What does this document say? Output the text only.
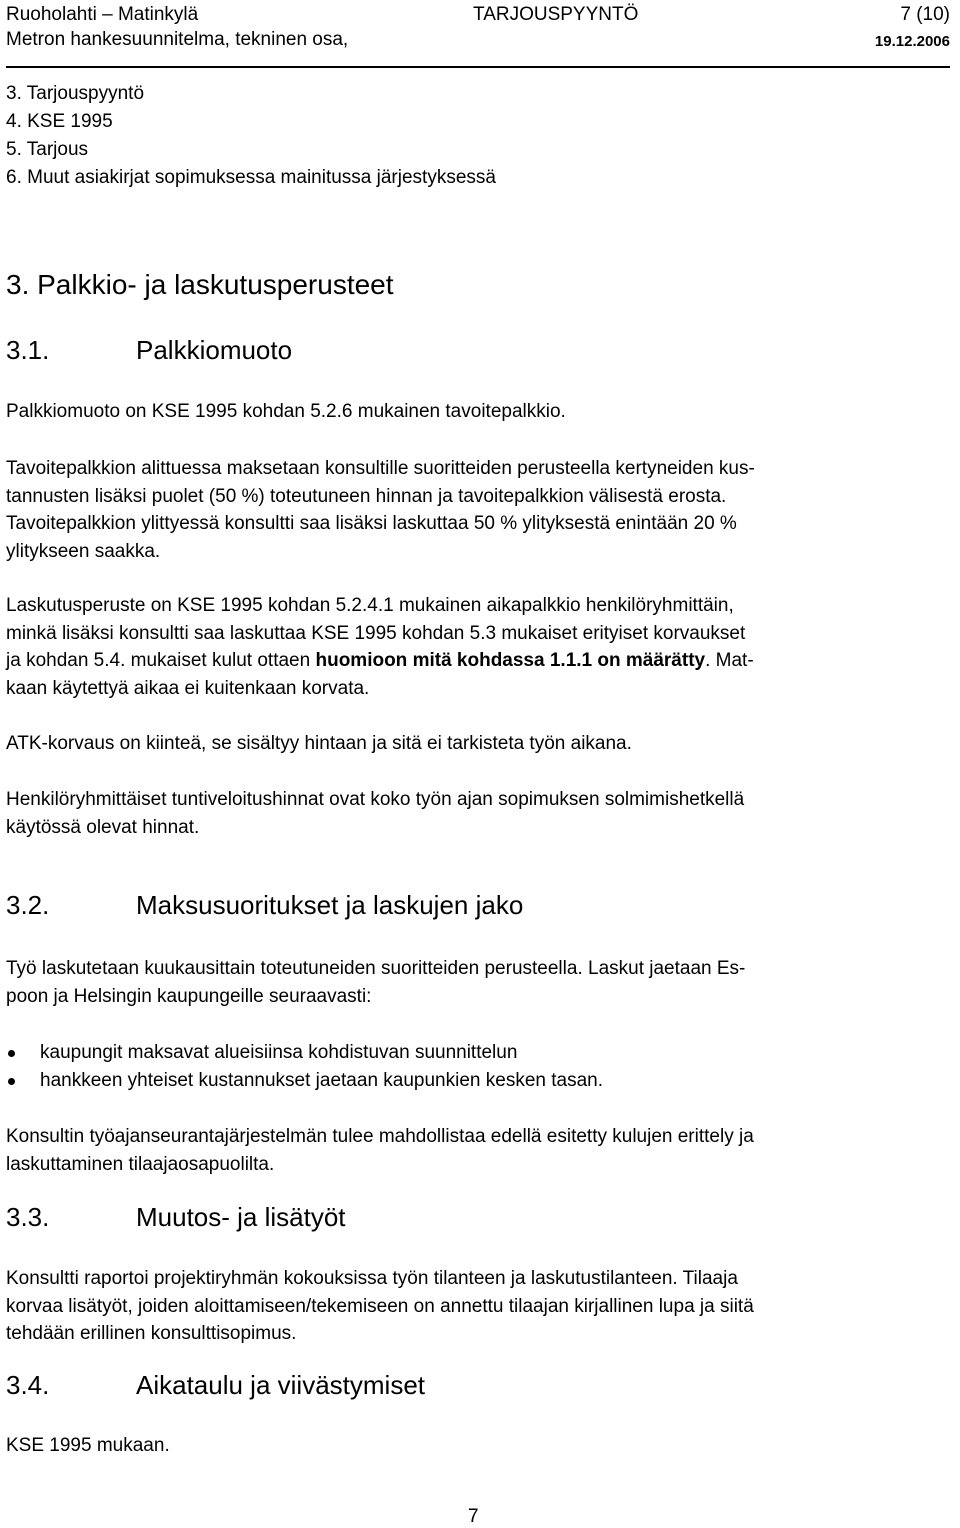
Ruoholahti – Matinkylä	TARJOUSPYYNTÖ	7 (10)
Metron hankesuunnitelma, tekninen osa,	19.12.2006
3. Tarjouspyyntö
4. KSE 1995
5. Tarjous
6. Muut asiakirjat sopimuksessa mainitussa järjestyksessä
3. Palkkio- ja laskutusperusteet
3.1.	Palkkiomuoto

Palkkiomuoto on KSE 1995 kohdan 5.2.6 mukainen tavoitepalkkio.

Tavoitepalkkion alittuessa maksetaan konsultille suoritteiden perusteella kertyneiden kus-

tannusten lisäksi puolet (50 %) toteutuneen hinnan ja tavoitepalkkion välisestä erosta.

Tavoitepalkkion ylittyessä konsultti saa lisäksi laskuttaa 50 % ylityksestä enintään 20 %

ylitykseen saakka.

Laskutusperuste on KSE 1995 kohdan 5.2.4.1 mukainen aikapalkkio henkilöryhmittäin,

minkä lisäksi konsultti saa laskuttaa KSE 1995 kohdan 5.3 mukaiset erityiset korvaukset

ja kohdan 5.4. mukaiset kulut ottaen huomioon mitä kohdassa 1.1.1 on määrätty. Mat-

kaan käytettyä aikaa ei kuitenkaan korvata.

ATK-korvaus on kiinteä, se sisältyy hintaan ja sitä ei tarkisteta työn aikana.

Henkilöryhmittäiset tuntiveloitushinnat ovat koko työn ajan sopimuksen solmimishetkellä

käytössä olevat hinnat.

3.2.	Maksusuoritukset ja laskujen jako

Työ laskutetaan kuukausittain toteutuneiden suoritteiden perusteella. Laskut jaetaan Es-

poon ja Helsingin kaupungeille seuraavasti:

kaupungit maksavat alueisiinsa kohdistuvan suunnittelun
hankkeen yhteiset kustannukset jaetaan kaupunkien kesken tasan.

Konsultin työajanseurantajärjestelmän tulee mahdollistaa edellä esitetty kulujen erittely ja

laskuttaminen tilaajaosapuolilta.

3.3.	Muutos- ja lisätyöt

Konsultti raportoi projektiryhmän kokouksissa työn tilanteen ja laskutustilanteen. Tilaaja

korvaa lisätyöt, joiden aloittamiseen/tekemiseen on annettu tilaajan kirjallinen lupa ja siitä

tehdään erillinen konsulttisopimus.

3.4.	Aikataulu ja viivästymiset

KSE 1995 mukaan.

7
